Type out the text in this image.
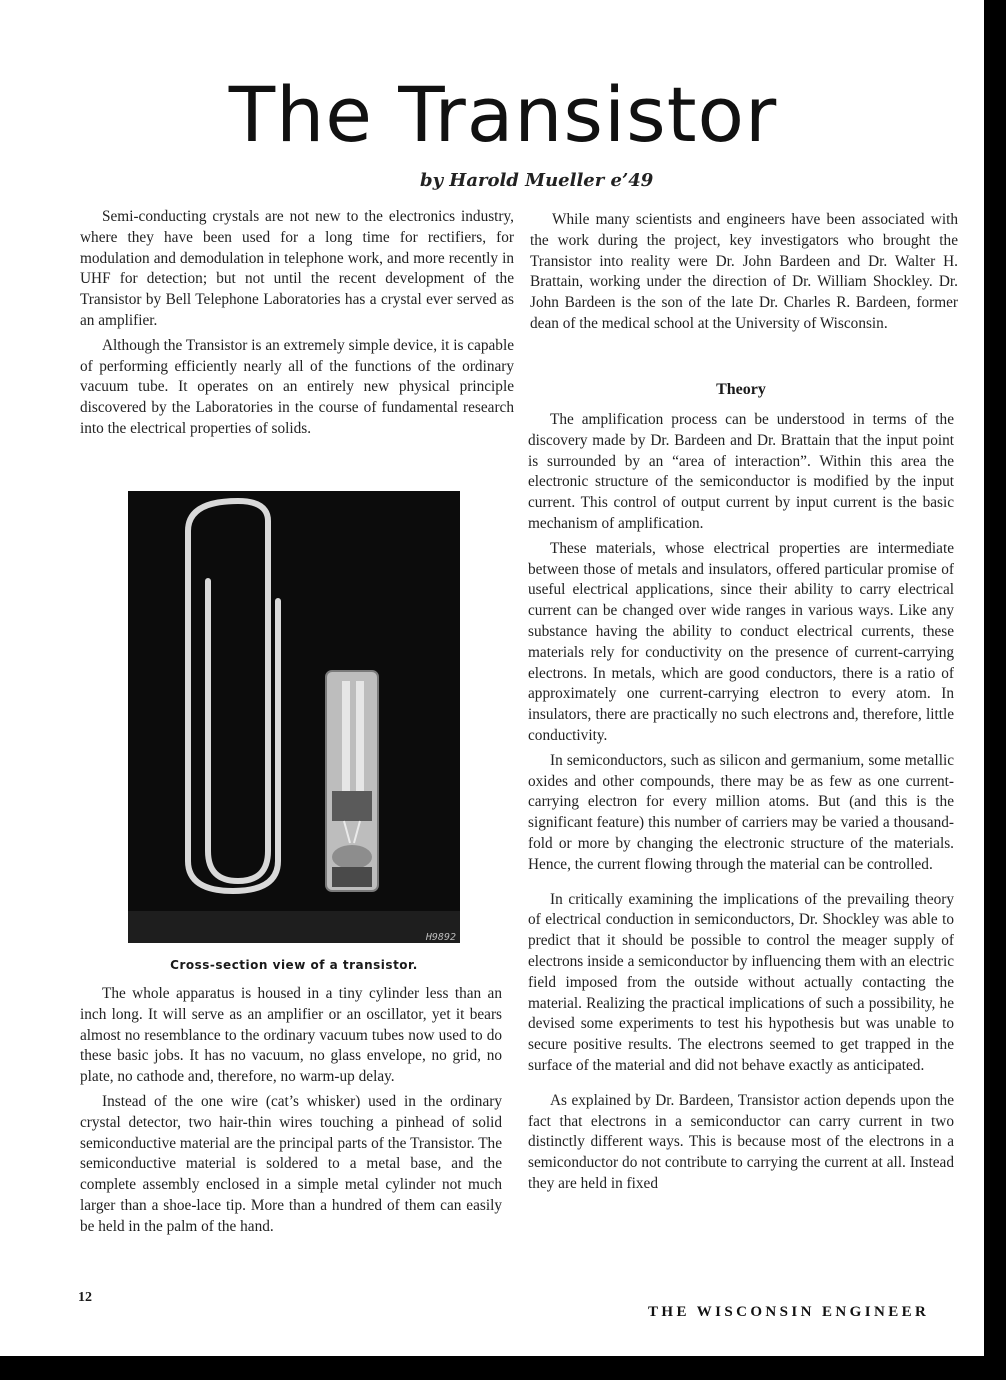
The Transistor

by Harold Mueller e’49

Semi-conducting crystals are not new to the electronics industry, where they have been used for a long time for rectifiers, for modulation and demodulation in telephone work, and more recently in UHF for detection; but not until the recent development of the Transistor by Bell Telephone Laboratories has a crystal ever served as an amplifier.

Although the Transistor is an extremely simple device, it is capable of performing efficiently nearly all of the functions of the ordinary vacuum tube. It operates on an entirely new physical principle discovered by the Laboratories in the course of fundamental research into the electrical properties of solids.

H9892

Cross-section view of a transistor.

The whole apparatus is housed in a tiny cylinder less than an inch long. It will serve as an amplifier or an oscillator, yet it bears almost no resemblance to the ordinary vacuum tubes now used to do these basic jobs. It has no vacuum, no glass envelope, no grid, no plate, no cathode and, therefore, no warm-up delay.

Instead of the one wire (cat’s whisker) used in the ordinary crystal detector, two hair-thin wires touching a pinhead of solid semiconductive material are the principal parts of the Transistor. The semiconductive material is soldered to a metal base, and the complete assembly enclosed in a simple metal cylinder not much larger than a shoe-lace tip. More than a hundred of them can easily be held in the palm of the hand.

While many scientists and engineers have been associated with the work during the project, key investigators who brought the Transistor into reality were Dr. John Bardeen and Dr. Walter H. Brattain, working under the direction of Dr. William Shockley. Dr. John Bardeen is the son of the late Dr. Charles R. Bardeen, former dean of the medical school at the University of Wisconsin.

Theory

The amplification process can be understood in terms of the discovery made by Dr. Bardeen and Dr. Brattain that the input point is surrounded by an “area of interaction”. Within this area the electronic structure of the semiconductor is modified by the input current. This control of output current by input current is the basic mechanism of amplification.

These materials, whose electrical properties are intermediate between those of metals and insulators, offered particular promise of useful electrical applications, since their ability to carry electrical current can be changed over wide ranges in various ways. Like any substance having the ability to conduct electrical currents, these materials rely for conductivity on the presence of current-carrying electrons. In metals, which are good conductors, there is a ratio of approximately one current-carrying electron to every atom. In insulators, there are practically no such electrons and, therefore, little conductivity.

In semiconductors, such as silicon and germanium, some metallic oxides and other compounds, there may be as few as one current-carrying electron for every million atoms. But (and this is the significant feature) this number of carriers may be varied a thousand-fold or more by changing the electronic structure of the materials. Hence, the current flowing through the material can be controlled.

In critically examining the implications of the prevailing theory of electrical conduction in semiconductors, Dr. Shockley was able to predict that it should be possible to control the meager supply of electrons inside a semiconductor by influencing them with an electric field imposed from the outside without actually contacting the material. Realizing the practical implications of such a possibility, he devised some experiments to test his hypothesis but was unable to secure positive results. The electrons seemed to get trapped in the surface of the material and did not behave exactly as anticipated.

As explained by Dr. Bardeen, Transistor action depends upon the fact that electrons in a semiconductor can carry current in two distinctly different ways. This is because most of the electrons in a semiconductor do not contribute to carrying the current at all. Instead they are held in fixed

12
THE WISCONSIN ENGINEER
